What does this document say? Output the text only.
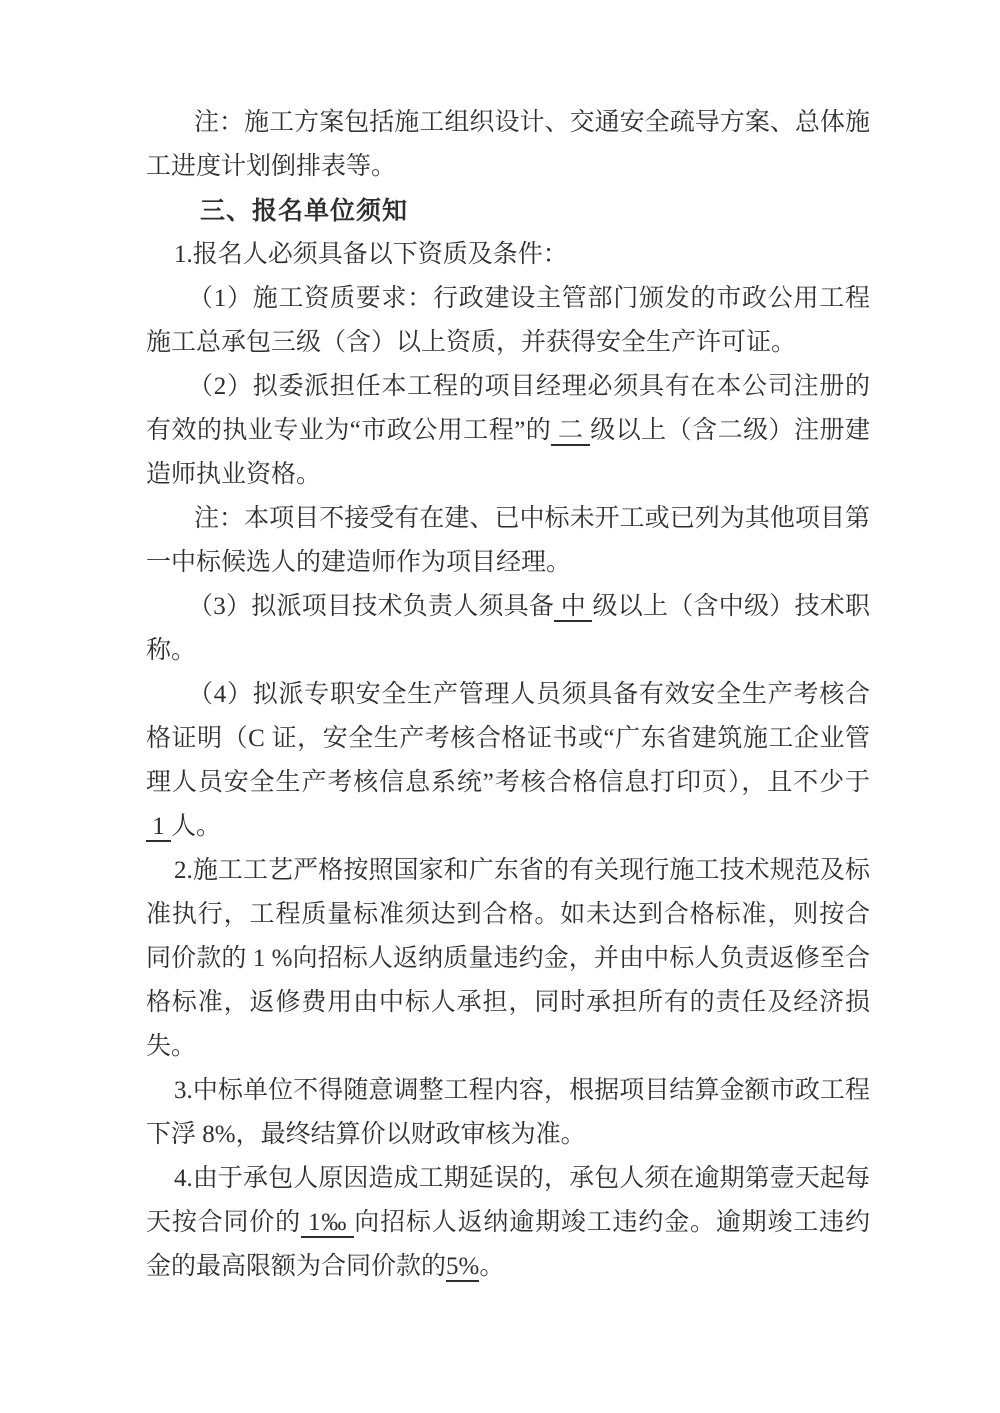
注：施工方案包括施工组织设计、交通安全疏导方案、总体施工进度计划倒排表等。

三、报名单位须知

1.报名人必须具备以下资质及条件：

（1）施工资质要求：行政建设主管部门颁发的市政公用工程施工总承包三级（含）以上资质，并获得安全生产许可证。

（2）拟委派担任本工程的项目经理必须具有在本公司注册的有效的执业专业为“市政公用工程”的 二 级以上（含二级）注册建造师执业资格。

注：本项目不接受有在建、已中标未开工或已列为其他项目第一中标候选人的建造师作为项目经理。

（3）拟派项目技术负责人须具备 中 级以上（含中级）技术职称。

（4）拟派专职安全生产管理人员须具备有效安全生产考核合格证明（C 证，安全生产考核合格证书或“广东省建筑施工企业管理人员安全生产考核信息系统”考核合格信息打印页），且不少于 1 人。

2.施工工艺严格按照国家和广东省的有关现行施工技术规范及标准执行，工程质量标准须达到合格。如未达到合格标准，则按合同价款的 1 %向招标人返纳质量违约金，并由中标人负责返修至合格标准，返修费用由中标人承担，同时承担所有的责任及经济损失。

3.中标单位不得随意调整工程内容，根据项目结算金额市政工程下浮 8%，最终结算价以财政审核为准。

4.由于承包人原因造成工期延误的，承包人须在逾期第壹天起每天按合同价的 1‰ 向招标人返纳逾期竣工违约金。逾期竣工违约金的最高限额为合同价款的5%。
